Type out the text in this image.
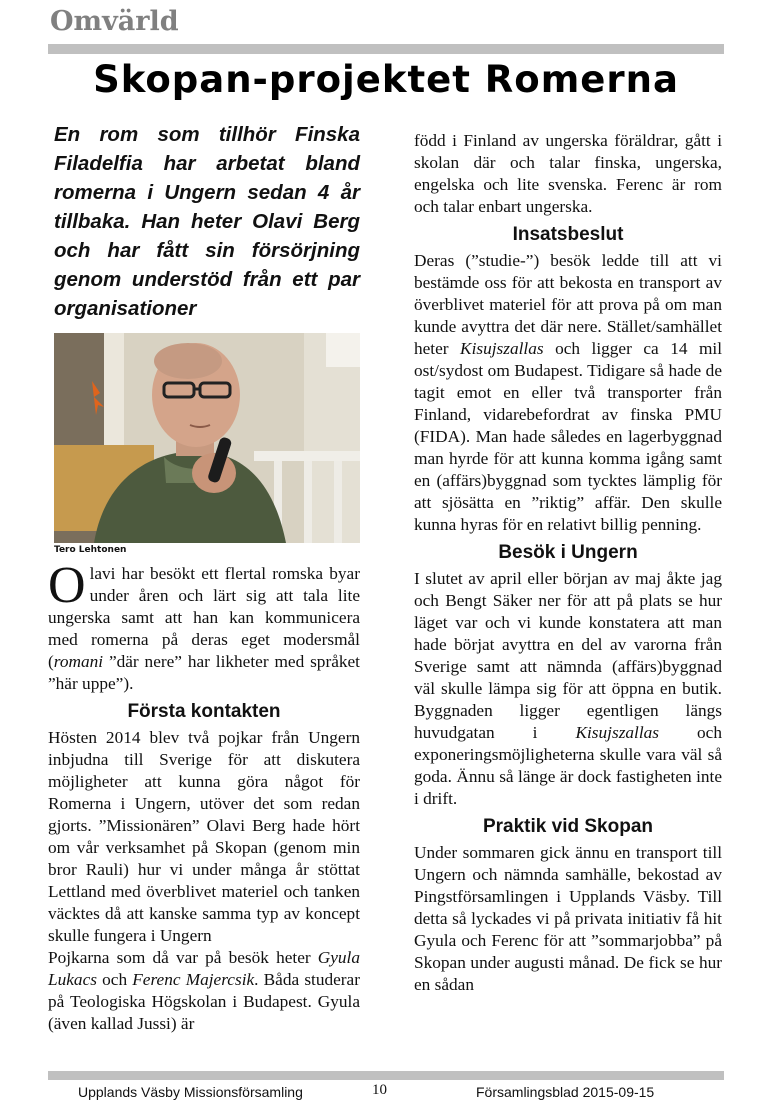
Omvärld
Skopan-projektet Romerna

En rom som tillhör Finska Filadelfia har arbetat bland romerna i Ungern sedan 4 år tillbaka. Han heter Olavi Berg och har fått sin försörjning genom understöd från ett par organisationer

Tero Lehtonen

Olavi har besökt ett flertal romska byar under åren och lärt sig att tala lite ungerska samt att han kan kommunicera med romerna på deras eget modersmål (romani ”där nere” har likheter med språket ”här uppe”).

Första kontakten

Hösten 2014 blev två pojkar från Ungern inbjudna till Sverige för att diskutera möjligheter att kunna göra något för Romerna i Ungern, utöver det som redan gjorts. ”Missionären” Olavi Berg hade hört om vår verksamhet på Skopan (genom min bror Rauli) hur vi under många år stöttat Lettland med överblivet materiel och tanken väcktes då att kanske samma typ av koncept skulle fungera i Ungern

Pojkarna som då var på besök heter Gyula Lukacs och Ferenc Majercsik. Båda studerar på Teologiska Högskolan i Budapest. Gyula (även kallad Jussi) är

född i Finland av ungerska föräldrar, gått i skolan där och talar finska, ungerska, engelska och lite svenska. Ferenc är rom och talar enbart ungerska.

Insatsbeslut

Deras (”studie-”) besök ledde till att vi bestämde oss för att bekosta en transport av överblivet materiel för att prova på om man kunde avyttra det där nere. Stället/samhället heter Kisujszallas och ligger ca 14 mil ost/sydost om Budapest. Tidigare så hade de tagit emot en eller två transporter från Finland, vidarebefordrat av finska PMU (FIDA). Man hade således en lagerbyggnad man hyrde för att kunna komma igång samt en (affärs)byggnad som tycktes lämplig för att sjösätta en ”riktig” affär. Den skulle kunna hyras för en relativt billig penning.

Besök i Ungern

I slutet av april eller början av maj åkte jag och Bengt Säker ner för att på plats se hur läget var och vi kunde konstatera att man hade börjat avyttra en del av varorna från Sverige samt att nämnda (affärs)byggnad väl skulle lämpa sig för att öppna en butik. Byggnaden ligger egentligen längs huvudgatan i Kisujszallas och exponeringsmöjligheterna skulle vara väl så goda. Ännu så länge är dock fastigheten inte i drift.

Praktik vid Skopan

Under sommaren gick ännu en transport till Ungern och nämnda samhälle, bekostad av Pingstförsamlingen i Upplands Väsby. Till detta så lyckades vi på privata initiativ få hit Gyula och Ferenc för att ”sommarjobba” på Skopan under augusti månad. De fick se hur en sådan

Upplands Väsby Missionsförsamling	10	Församlingsblad 2015-09-15
